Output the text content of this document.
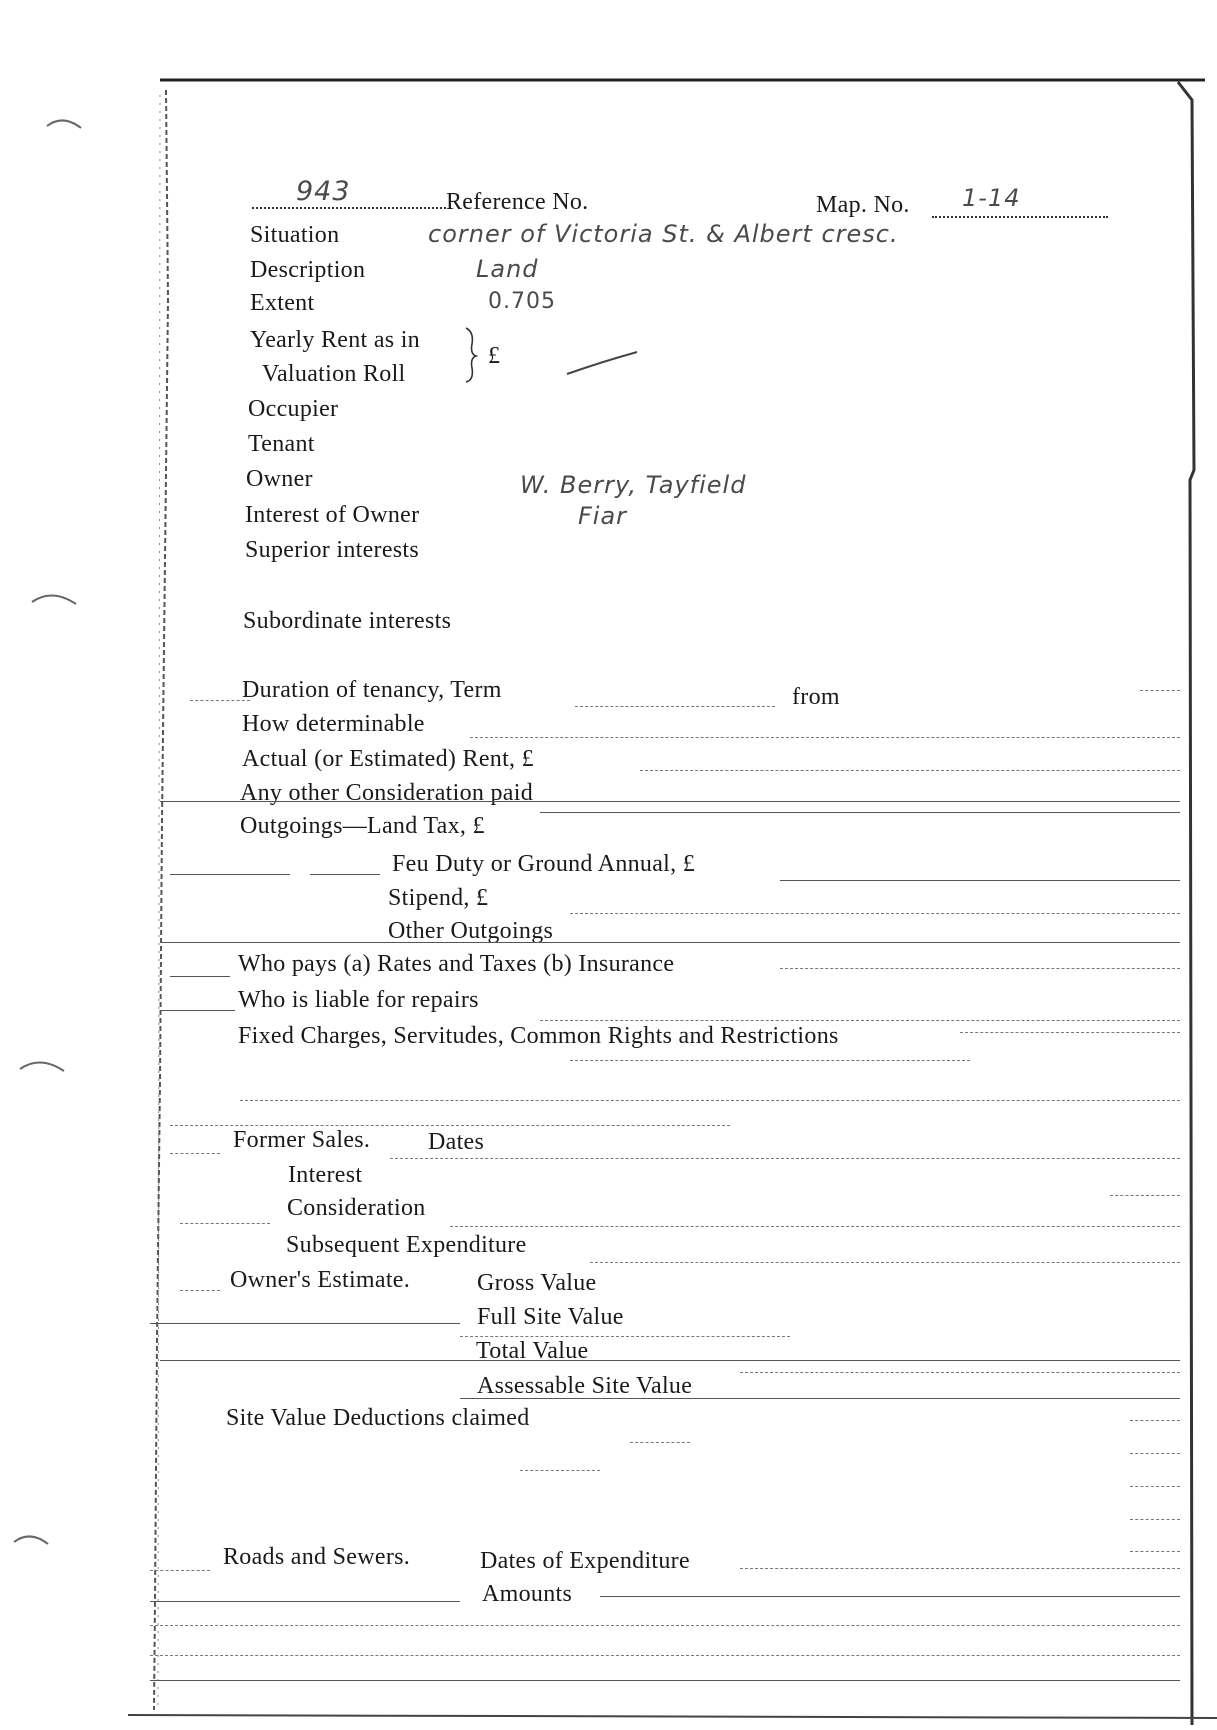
943	Reference No.	Map. No. 1-14
Situation	corner of Victoria St. & Albert cresc.
Description	Land
Extent	0.705
Yearly Rent as in
Valuation Roll
£
Occupier
Tenant
Owner	W. Berry, Tayfield
Interest of Owner	Fiar
Superior interests
Subordinate interests
Duration of tenancy, Term	from
How determinable
Actual (or Estimated) Rent, £
Any other Consideration paid
Outgoings—Land Tax, £
Feu Duty or Ground Annual, £
Stipend, £
Other Outgoings
Who pays (a) Rates and Taxes (b) Insurance
Who is liable for repairs
Fixed Charges, Servitudes, Common Rights and Restrictions
Former Sales. Dates
Interest
Consideration
Subsequent Expenditure
Owner's Estimate.	Gross Value
Full Site Value
Total Value
Assessable Site Value
Site Value Deductions claimed
Roads and Sewers.	Dates of Expenditure
Amounts
